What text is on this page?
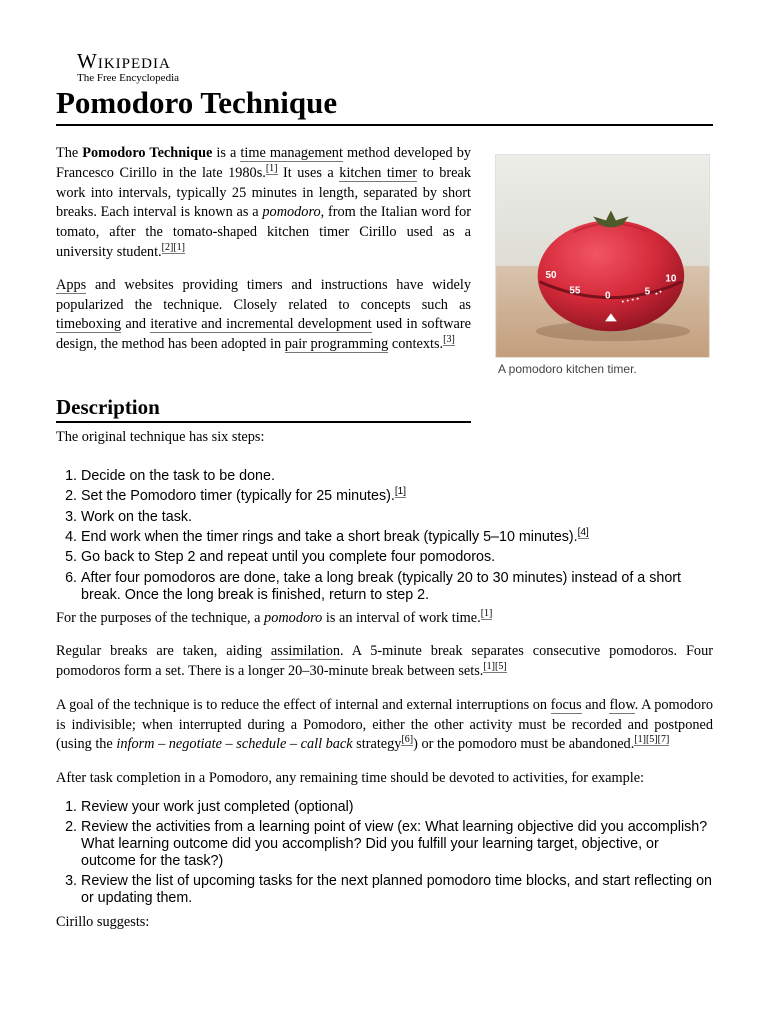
Wikipedia
The Free Encyclopedia
Pomodoro Technique

The Pomodoro Technique is a time management method developed by Francesco Cirillo in the late 1980s.[1] It uses a kitchen timer to break work into intervals, typically 25 minutes in length, separated by short breaks. Each interval is known as a pomodoro, from the Italian word for tomato, after the tomato-shaped kitchen timer Cirillo used as a university student.[2][1]

Apps and websites providing timers and instructions have widely popularized the technique. Closely related to concepts such as timeboxing and iterative and incremental development used in software design, the method has been adopted in pair programming contexts.[3]

50
55 0	5
10
A pomodoro kitchen timer.
Description

The original technique has six steps:

1. Decide on the task to be done.
2. Set the Pomodoro timer (typically for 25 minutes).[1]
3. Work on the task.
4. End work when the timer rings and take a short break (typically 5–10 minutes).[4]
5. Go back to Step 2 and repeat until you complete four pomodoros.
6. After four pomodoros are done, take a long break (typically 20 to 30 minutes) instead of a short break. Once the long break is finished, return to step 2.

For the purposes of the technique, a pomodoro is an interval of work time.[1]

Regular breaks are taken, aiding assimilation. A 5-minute break separates consecutive pomodoros. Four pomodoros form a set. There is a longer 20–30-minute break between sets.[1][5]

A goal of the technique is to reduce the effect of internal and external interruptions on focus and flow. A pomodoro is indivisible; when interrupted during a Pomodoro, either the other activity must be recorded and postponed (using the inform – negotiate – schedule – call back strategy[6]) or the pomodoro must be abandoned.[1][5][7]

After task completion in a Pomodoro, any remaining time should be devoted to activities, for example:

1. Review your work just completed (optional)
2. Review the activities from a learning point of view (ex: What learning objective did you accomplish? What learning outcome did you accomplish? Did you fulfill your learning target, objective, or outcome for the task?)
3. Review the list of upcoming tasks for the next planned pomodoro time blocks, and start reflecting on or updating them.

Cirillo suggests:
